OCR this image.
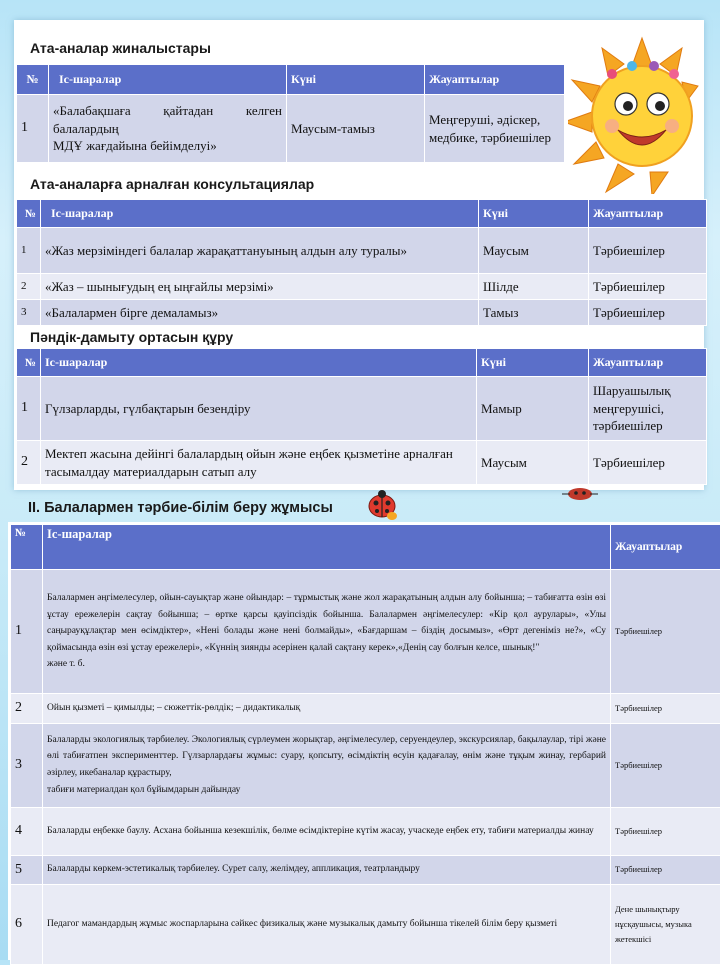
Ата-аналар жиналыстары
№	Іс-шаралар	Күні	Жауаптылар
1	«Балабақшаға қайтадан келген балалардың
МДҰ жағдайына бейімделуі»	Маусым-тамыз	Меңгеруші, әдіскер, медбике, тәрбиешілер
Ата-аналарға арналған консультациялар
№	Іс-шаралар	Күні	Жауаптылар
1	«Жаз мерзіміндегі балалар жарақаттануының алдын алу туралы»	Маусым	Тәрбиешілер
2	«Жаз – шынығудың ең ыңғайлы мерзімі»	Шілде	Тәрбиешілер
3	«Балалармен бірге демаламыз»	Тамыз	Тәрбиешілер
Пәндік-дамыту ортасын құру
№	Іс-шаралар	Күні	Жауаптылар
1	Гүлзарларды, гүлбақтарын безендіру	Мамыр	Шаруашылық меңгерушісі, тәрбиешілер
2	Мектеп жасына дейінгі балалардың ойын және еңбек қызметіне арналған тасымалдау материалдарын сатып алу	Маусым	Тәрбиешілер
II. Балалармен тәрбие-білім беру жұмысы
№	Іс-шаралар	Жауаптылар
1	Балалармен әңгімелесулер, ойын-сауықтар және ойындар: – тұрмыстық және жол жарақатының алдын алу бойынша; – табиғатта өзін өзі ұстау ережелерін сақтау бойынша; – өртке қарсы қауіпсіздік бойынша. Балалармен әңгімелесулер: «Кір қол аурулары», «Улы саңырауқұлақтар мен өсімдіктер», «Нені болады және нені болмайды», «Бағдаршам – біздің досымыз», «Өрт дегеніміз не?», «Су қоймасында өзін өзі ұстау ережелері», «Күннің зиянды әсерінен қалай сақтану керек»,«Денің сау болғын келсе, шынық!"
және т. б.	Тәрбиешілер
2	Ойын қызметі – қимылды; – сюжеттік-рөлдік; – дидактикалық	Тәрбиешілер
3	Балаларды экологиялық тәрбиелеу. Экологиялық сүрлеумен жорықтар, әңгімелесулер, серуендеулер, экскурсиялар, бақылаулар, тірі және өлі табиғатпен эксперименттер. Гүлзарлардағы жұмыс: суару, қопсыту, өсімдіктің өсуін қадағалау, өнім және тұқым жинау, гербарий әзірлеу, икебаналар құрастыру,
табиғи материалдан қол бұйымдарын дайындау	Тәрбиешілер
4	Балаларды еңбекке баулу. Асхана бойынша кезекшілік, бөлме өсімдіктеріне күтім жасау, учаскеде еңбек ету, табиғи материалды жинау	Тәрбиешілер
5	Балаларды көркем-эстетикалық тәрбиелеу. Сурет салу, желімдеу, аппликация, театрландыру	Тәрбиешілер
6	Педагог мамандардың жұмыс жоспарларына сәйкес физикалық және музыкалық дамыту бойынша тікелей білім беру қызметі	Дене шынықтыру нұсқаушысы, музыка жетекшісі
